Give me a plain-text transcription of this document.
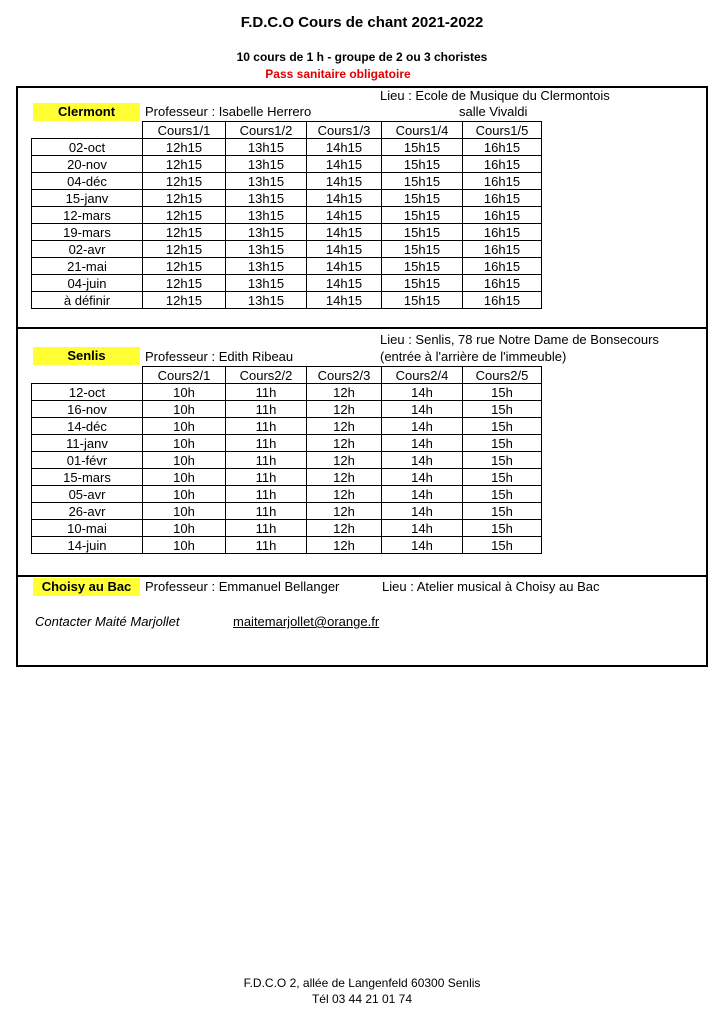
F.D.C.O Cours de chant 2021-2022
10 cours de 1 h - groupe de 2 ou 3 choristes
Pass sanitaire obligatoire
Lieu : Ecole de Musique du Clermontois
Clermont	Professeur : Isabelle Herrero	salle Vivaldi
	Cours1/1	Cours1/2	Cours1/3	Cours1/4	Cours1/5
02-oct	12h15	13h15	14h15	15h15	16h15
20-nov	12h15	13h15	14h15	15h15	16h15
04-déc	12h15	13h15	14h15	15h15	16h15
15-janv	12h15	13h15	14h15	15h15	16h15
12-mars	12h15	13h15	14h15	15h15	16h15
19-mars	12h15	13h15	14h15	15h15	16h15
02-avr	12h15	13h15	14h15	15h15	16h15
21-mai	12h15	13h15	14h15	15h15	16h15
04-juin	12h15	13h15	14h15	15h15	16h15
à définir	12h15	13h15	14h15	15h15	16h15
Lieu : Senlis, 78 rue Notre Dame de Bonsecours
Senlis	Professeur : Edith Ribeau	(entrée à l'arrière de l'immeuble)
	Cours2/1	Cours2/2	Cours2/3	Cours2/4	Cours2/5
12-oct	10h	11h	12h	14h	15h
16-nov	10h	11h	12h	14h	15h
14-déc	10h	11h	12h	14h	15h
11-janv	10h	11h	12h	14h	15h
01-févr	10h	11h	12h	14h	15h
15-mars	10h	11h	12h	14h	15h
05-avr	10h	11h	12h	14h	15h
26-avr	10h	11h	12h	14h	15h
10-mai	10h	11h	12h	14h	15h
14-juin	10h	11h	12h	14h	15h
Choisy au Bac	Professeur : Emmanuel Bellanger	Lieu : Atelier musical à Choisy au Bac
Contacter Maité Marjollet	maitemarjollet@orange.fr
F.D.C.O 2, allée de Langenfeld 60300 Senlis
Tél 03 44 21 01 74
